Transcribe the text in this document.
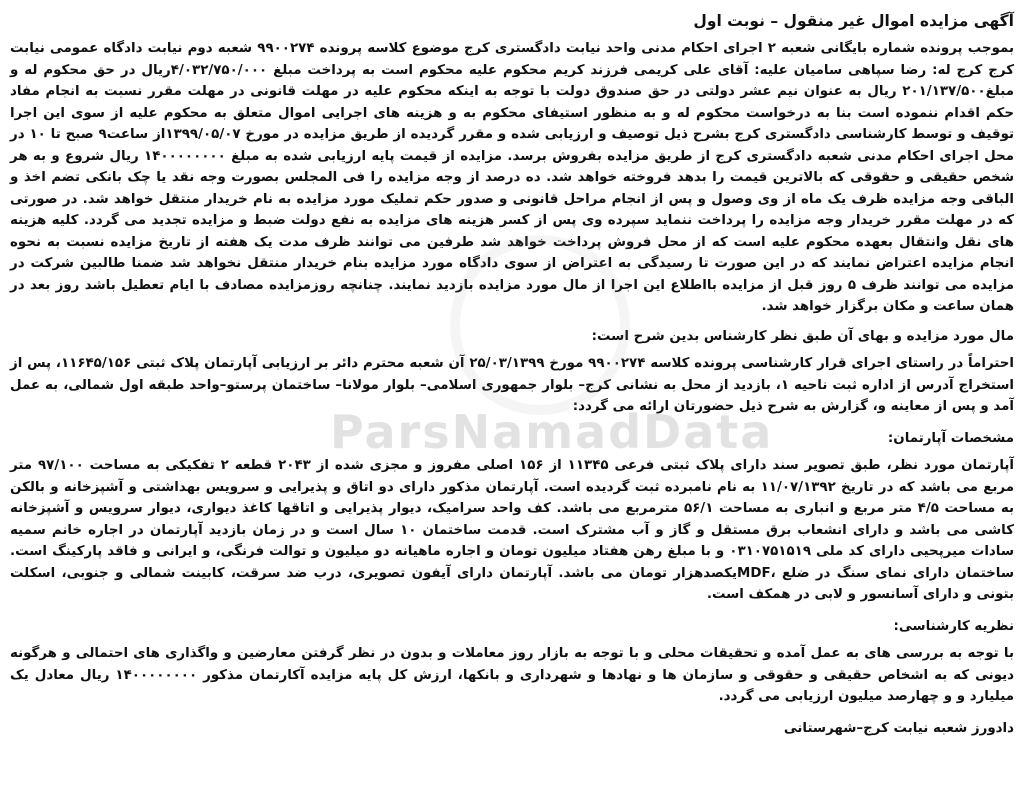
ParsNamadData
آگهی مزایده اموال غیر منقول – نوبت اول

بموجب پرونده شماره بایگانی شعبه ۲ اجرای احکام مدنی واحد نیابت دادگستری کرج موضوع کلاسه پرونده ۹۹۰۰۲۷۴ شعبه دوم نیابت دادگاه عمومی نیابت کرج کرج له: رضا سپاهی سامیان علیه: آقای علی کریمی فرزند کریم محکوم علیه محکوم است به پرداخت مبلغ ۴/۰۳۲/۷۵۰/۰۰۰ریال در حق محکوم له و مبلغ۲۰۱/۱۳۷/۵۰۰ ریال به عنوان نیم عشر دولتی در حق صندوق دولت با توجه به اینکه محکوم علیه در مهلت قانونی در مهلت مقرر نسبت به انجام مفاد حکم اقدام ننموده است بنا به درخواست محکوم له و به منظور استیفای محکوم به و هزینه های اجرایی اموال متعلق به محکوم علیه از سوی این اجرا توقیف و توسط کارشناسی دادگستری کرج بشرح ذیل توصیف و ارزیابی شده و مقرر گردیده از طریق مزایده در مورخ ۱۳۹۹/۰۵/۰۷از ساعت۹ صبح تا ۱۰ در محل اجرای احکام مدنی شعبه دادگستری کرج از طریق مزایده بفروش برسد. مزایده از قیمت پایه ارزیابی شده به مبلغ ۱۴۰۰۰۰۰۰۰۰ ریال شروع و به هر شخص حقیقی و حقوقی که بالاترین قیمت را بدهد فروخته خواهد شد. ده درصد از وجه مزایده را فی المجلس بصورت وجه نقد یا چک بانکی تضم اخذ و الباقی وجه مزایده ظرف یک ماه از وی وصول و پس از انجام مراحل قانونی و صدور حکم تملیک مورد مزایده به نام خریدار منتقل خواهد شد. در صورتی که در مهلت مقرر خریدار وجه مزایده را پرداخت ننماید سپرده وی پس از کسر هزینه های مزایده به نفع دولت ضبط و مزایده تجدید می گردد. کلیه هزینه های نقل وانتقال بعهده محکوم علیه است که از محل فروش پرداخت خواهد شد طرفین می توانند ظرف مدت یک هفته از تاریخ مزایده نسبت به نحوه انجام مزایده اعتراض نمایند که در این صورت تا رسیدگی به اعتراض از سوی دادگاه مورد مزایده بنام خریدار منتقل نخواهد شد ضمنا طالبین شرکت در مزایده می توانند ظرف ۵ روز قبل از مزایده بااطلاع این اجرا از مال مورد مزایده بازدید نمایند. چنانچه روزمزایده مصادف با ایام تعطیل باشد روز بعد در همان ساعت و مکان برگزار خواهد شد.

مال مورد مزایده و بهای آن طبق نظر کارشناس بدین شرح است:

احتراماً در راستای اجرای قرار کارشناسی پرونده کلاسه ۹۹۰۰۲۷۴ مورخ ۲۵/۰۳/۱۳۹۹ آن شعبه محترم دائر بر ارزیابی آپارتمان پلاک ثبتی ۱۱۶۴۵/۱۵۶، پس از استخراج آدرس از اداره ثبت ناحیه ۱، بازدید از محل به نشانی کرج– بلوار جمهوری اسلامی– بلوار مولانا– ساختمان پرستو–واحد طبقه اول شمالی، به عمل آمد و پس از معاینه و، گزارش به شرح ذیل حضورتان ارائه می گردد:

مشخصات آپارتمان:

آپارتمان مورد نظر، طبق تصویر سند دارای پلاک ثبتی فرعی ۱۱۳۴۵ از ۱۵۶ اصلی مفروز و مجزی شده از ۲۰۴۳ قطعه ۲ تفکیکی به مساحت ۹۷/۱۰۰ متر مربع می باشد که در تاریخ ۱۱/۰۷/۱۳۹۲ به نام نامبرده ثبت گردیده است. آپارتمان مذکور دارای دو اتاق و پذیرایی و سرویس بهداشتی و آشپزخانه و بالکن به مساحت ۴/۵ متر مربع و انباری به مساحت ۵۶/۱ مترمربع می باشد. کف واحد سرامیک، دیوار پذیرایی و اتاقها کاغذ دیواری، دیوار سرویس و آشپزخانه کاشی می باشد و دارای انشعاب برق مستقل و گاز و آب مشترک است. قدمت ساختمان ۱۰ سال است و در زمان بازدید آپارتمان در اجاره خانم سمیه سادات میرپحیی دارای کد ملی ۰۳۱۰۷۵۱۵۱۹ و با مبلغ رهن هفتاد میلیون تومان و اجاره ماهیانه دو میلیون و توالت فرنگی، و ایرانی و فاقد پارکینگ است. ساختمان دارای نمای سنگ در ضلع ،MDFیکصدهزار تومان می باشد. آپارتمان دارای آیفون تصویری، درب ضد سرقت، کابینت شمالی و جنوبی، اسکلت بتونی و دارای آسانسور و لابی در همکف است.

نظریه کارشناسی:

با توجه به بررسی های به عمل آمده و تحقیقات محلی و با توجه به بازار روز معاملات و بدون در نظر گرفتن معارضین و واگذاری های احتمالی و هرگونه دیونی که به اشخاص حقیقی و حقوقی و سازمان ها و نهادها و شهرداری و بانکها، ارزش کل پایه مزایده آکارتمان مذکور ۱۴۰۰۰۰۰۰۰۰ ریال معادل یک میلیارد و و چهارصد میلیون ارزیابی می گردد.

دادورز شعبه نیابت کرج–شهرستانی
